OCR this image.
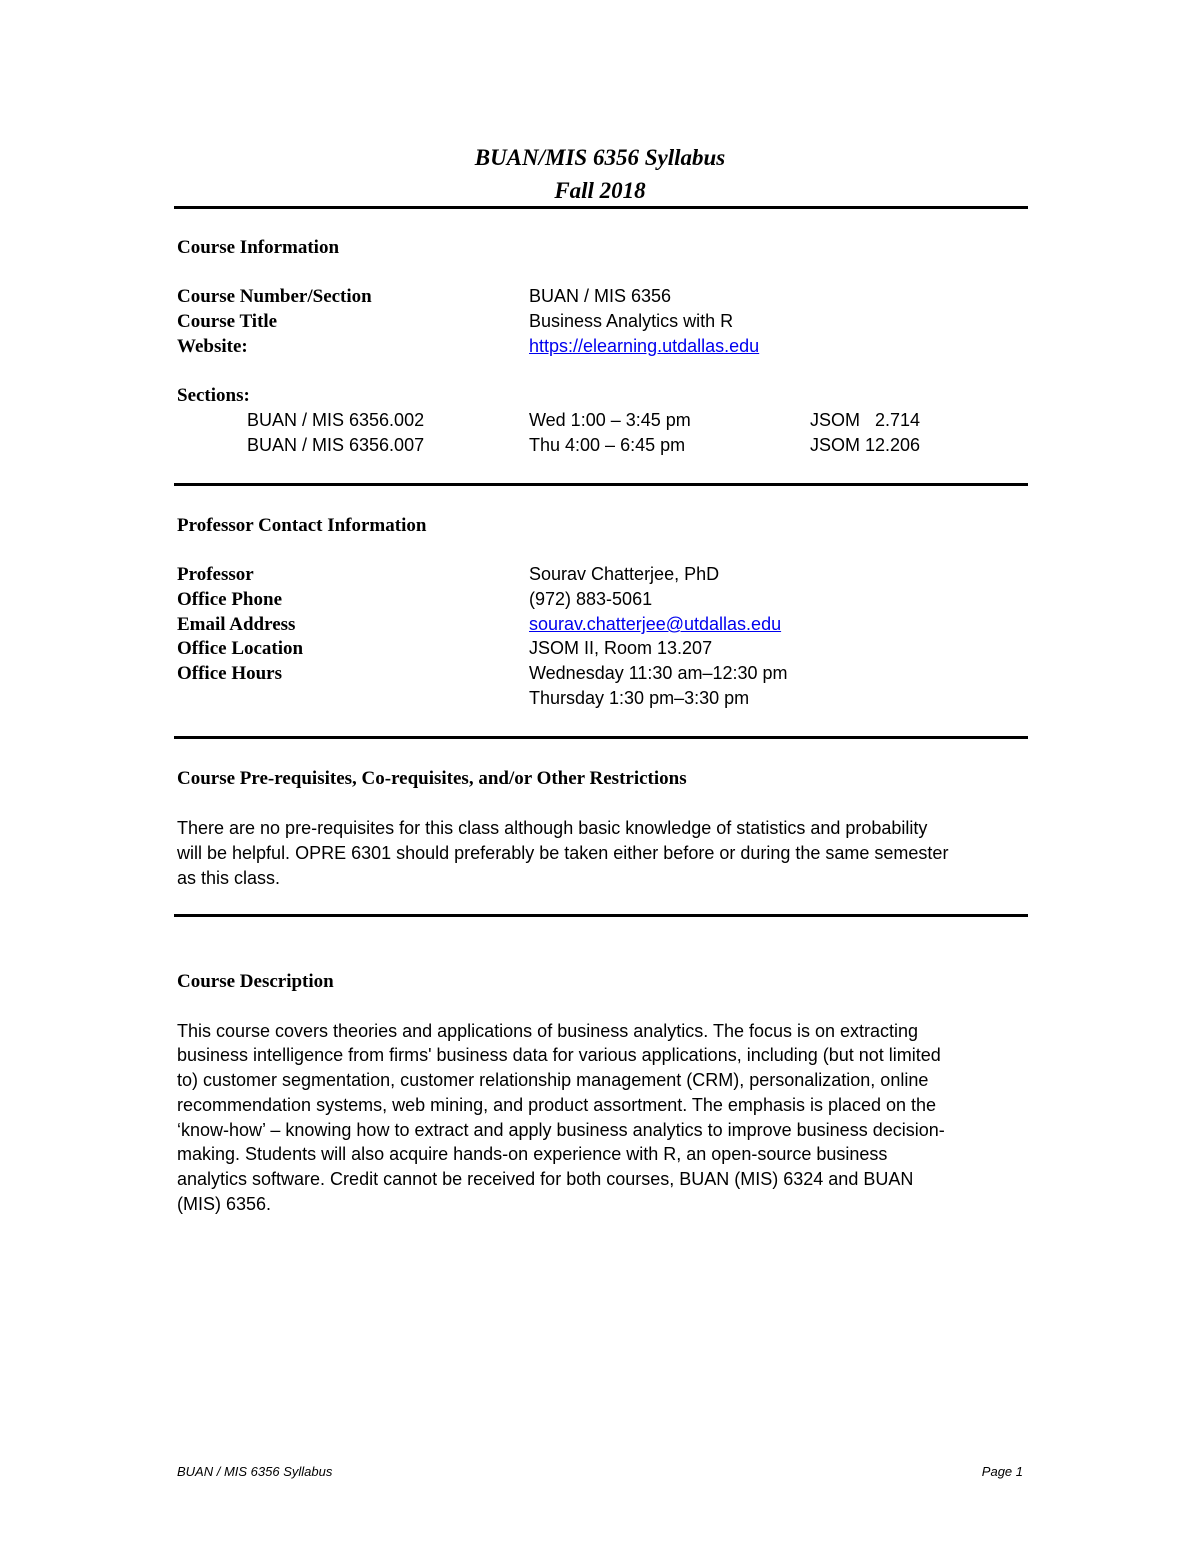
BUAN/MIS 6356 Syllabus
Fall 2018
Course Information
Course Number/Section	BUAN / MIS 6356
Course Title	Business Analytics with R
Website:	https://elearning.utdallas.edu
Sections:
BUAN / MIS 6356.002	Wed 1:00 – 3:45 pm	JSOM   2.714
BUAN / MIS 6356.007	Thu 4:00 – 6:45 pm	JSOM 12.206
Professor Contact Information
Professor	Sourav Chatterjee, PhD
Office Phone	(972) 883-5061
Email Address	sourav.chatterjee@utdallas.edu
Office Location	JSOM II, Room 13.207
Office Hours	Wednesday 11:30 am–12:30 pm
Thursday 1:30 pm–3:30 pm
Course Pre-requisites, Co-requisites, and/or Other Restrictions
There are no pre-requisites for this class although basic knowledge of statistics and probability
will be helpful. OPRE 6301 should preferably be taken either before or during the same semester
as this class.
Course Description
This course covers theories and applications of business analytics. The focus is on extracting
business intelligence from firms' business data for various applications, including (but not limited
to) customer segmentation, customer relationship management (CRM), personalization, online
recommendation systems, web mining, and product assortment. The emphasis is placed on the
‘know-how’ – knowing how to extract and apply business analytics to improve business decision-
making. Students will also acquire hands-on experience with R, an open-source business
analytics software. Credit cannot be received for both courses, BUAN (MIS) 6324 and BUAN
(MIS) 6356.
BUAN / MIS 6356 Syllabus	Page 1
